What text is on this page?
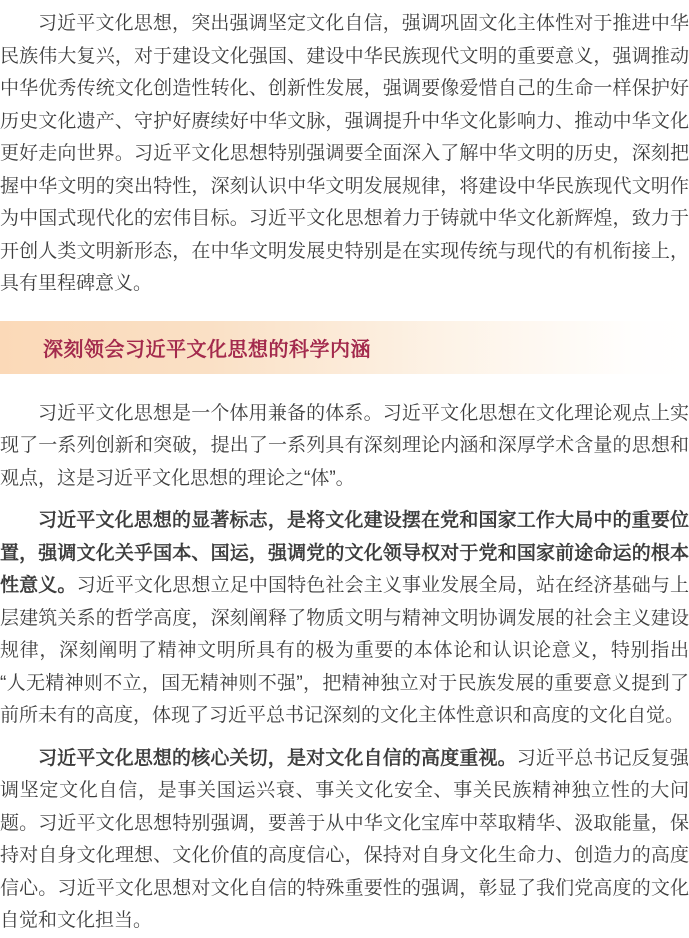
习近平文化思想，突出强调坚定文化自信，强调巩固文化主体性对于推进中华民族伟大复兴，对于建设文化强国、建设中华民族现代文明的重要意义，强调推动中华优秀传统文化创造性转化、创新性发展，强调要像爱惜自己的生命一样保护好历史文化遗产、守护好赓续好中华文脉，强调提升中华文化影响力、推动中华文化更好走向世界。习近平文化思想特别强调要全面深入了解中华文明的历史，深刻把握中华文明的突出特性，深刻认识中华文明发展规律，将建设中华民族现代文明作为中国式现代化的宏伟目标。习近平文化思想着力于铸就中华文化新辉煌，致力于开创人类文明新形态，在中华文明发展史特别是在实现传统与现代的有机衔接上，具有里程碑意义。

深刻领会习近平文化思想的科学内涵

习近平文化思想是一个体用兼备的体系。习近平文化思想在文化理论观点上实现了一系列创新和突破，提出了一系列具有深刻理论内涵和深厚学术含量的思想和观点，这是习近平文化思想的理论之“体”。

习近平文化思想的显著标志，是将文化建设摆在党和国家工作大局中的重要位置，强调文化关乎国本、国运，强调党的文化领导权对于党和国家前途命运的根本性意义。习近平文化思想立足中国特色社会主义事业发展全局，站在经济基础与上层建筑关系的哲学高度，深刻阐释了物质文明与精神文明协调发展的社会主义建设规律，深刻阐明了精神文明所具有的极为重要的本体论和认识论意义，特别指出“人无精神则不立，国无精神则不强”，把精神独立对于民族发展的重要意义提到了前所未有的高度，体现了习近平总书记深刻的文化主体性意识和高度的文化自觉。

习近平文化思想的核心关切，是对文化自信的高度重视。习近平总书记反复强调坚定文化自信，是事关国运兴衰、事关文化安全、事关民族精神独立性的大问题。习近平文化思想特别强调，要善于从中华文化宝库中萃取精华、汲取能量，保持对自身文化理想、文化价值的高度信心，保持对自身文化生命力、创造力的高度信心。习近平文化思想对文化自信的特殊重要性的强调，彰显了我们党高度的文化自觉和文化担当。
